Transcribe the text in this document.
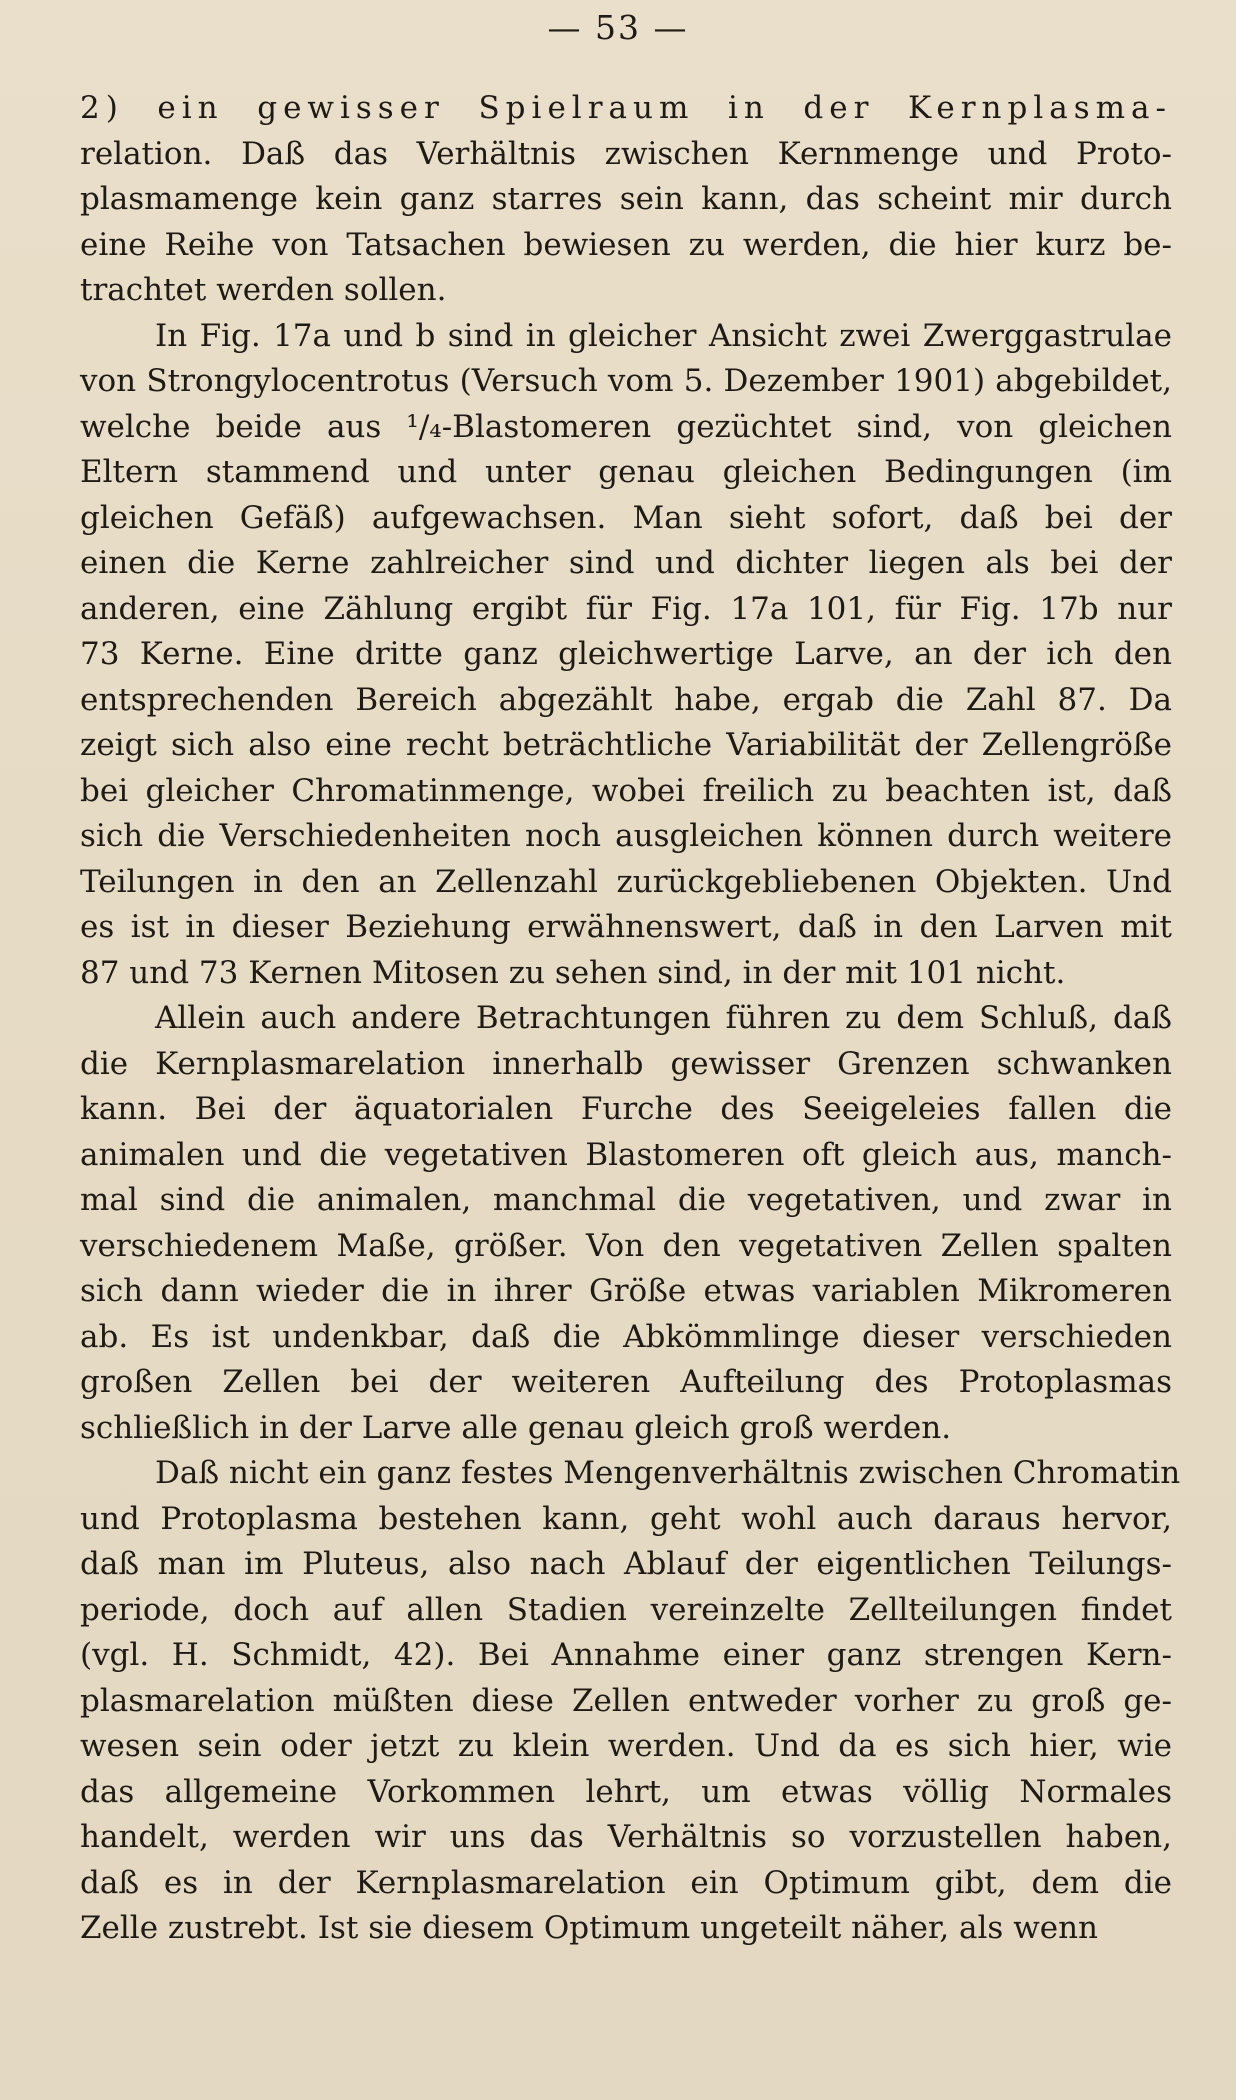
— 53 —
2) ein gewisser Spielraum in der Kernplasma-
relation. Daß das Verhältnis zwischen Kernmenge und Proto-
plasmamenge kein ganz starres sein kann, das scheint mir durch
eine Reihe von Tatsachen bewiesen zu werden, die hier kurz be-
trachtet werden sollen.
In Fig. 17a und b sind in gleicher Ansicht zwei Zwerggastrulae
von Strongylocentrotus (Versuch vom 5. Dezember 1901) abgebildet,
welche beide aus ¹/₄-Blastomeren gezüchtet sind, von gleichen
Eltern stammend und unter genau gleichen Bedingungen (im
gleichen Gefäß) aufgewachsen. Man sieht sofort, daß bei der
einen die Kerne zahlreicher sind und dichter liegen als bei der
anderen, eine Zählung ergibt für Fig. 17a 101, für Fig. 17b nur
73 Kerne. Eine dritte ganz gleichwertige Larve, an der ich den
entsprechenden Bereich abgezählt habe, ergab die Zahl 87. Da
zeigt sich also eine recht beträchtliche Variabilität der Zellengröße
bei gleicher Chromatinmenge, wobei freilich zu beachten ist, daß
sich die Verschiedenheiten noch ausgleichen können durch weitere
Teilungen in den an Zellenzahl zurückgebliebenen Objekten. Und
es ist in dieser Beziehung erwähnenswert, daß in den Larven mit
87 und 73 Kernen Mitosen zu sehen sind, in der mit 101 nicht.
Allein auch andere Betrachtungen führen zu dem Schluß, daß
die Kernplasmarelation innerhalb gewisser Grenzen schwanken
kann. Bei der äquatorialen Furche des Seeigeleies fallen die
animalen und die vegetativen Blastomeren oft gleich aus, manch-
mal sind die animalen, manchmal die vegetativen, und zwar in
verschiedenem Maße, größer. Von den vegetativen Zellen spalten
sich dann wieder die in ihrer Größe etwas variablen Mikromeren
ab. Es ist undenkbar, daß die Abkömmlinge dieser verschieden
großen Zellen bei der weiteren Aufteilung des Protoplasmas
schließlich in der Larve alle genau gleich groß werden.
Daß nicht ein ganz festes Mengenverhältnis zwischen Chromatin
und Protoplasma bestehen kann, geht wohl auch daraus hervor,
daß man im Pluteus, also nach Ablauf der eigentlichen Teilungs-
periode, doch auf allen Stadien vereinzelte Zellteilungen findet
(vgl. H. Schmidt, 42). Bei Annahme einer ganz strengen Kern-
plasmarelation müßten diese Zellen entweder vorher zu groß ge-
wesen sein oder jetzt zu klein werden. Und da es sich hier, wie
das allgemeine Vorkommen lehrt, um etwas völlig Normales
handelt, werden wir uns das Verhältnis so vorzustellen haben,
daß es in der Kernplasmarelation ein Optimum gibt, dem die
Zelle zustrebt. Ist sie diesem Optimum ungeteilt näher, als wenn
